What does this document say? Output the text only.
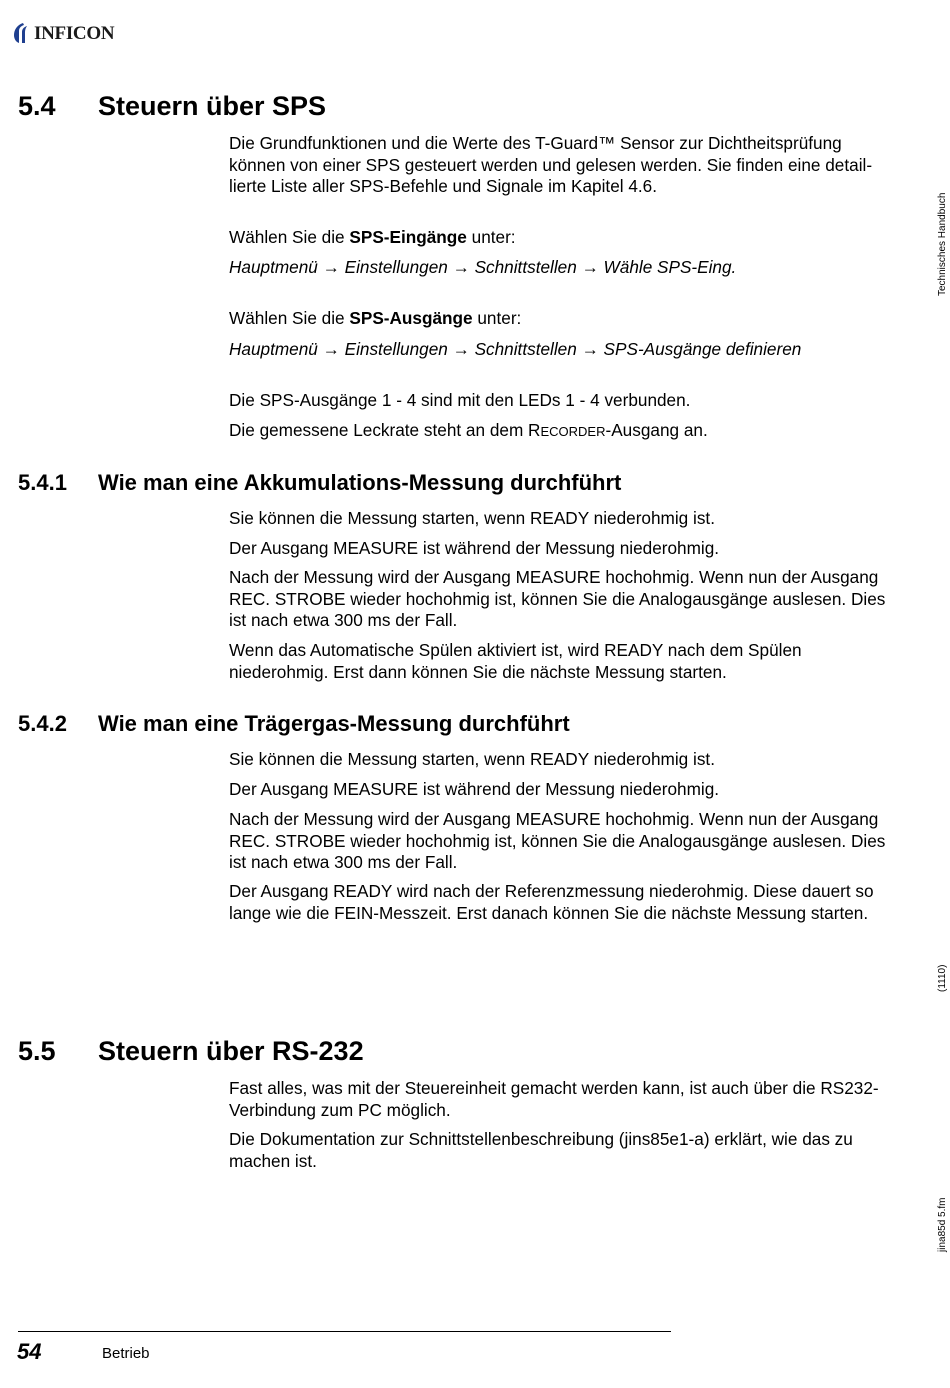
INFICON
Technisches Handbuch
(1110)
jina85d 5.fm
5.4 Steuern über SPS

Die Grundfunktionen und die Werte des T-Guard™ Sensor zur Dichtheitsprüfung können von einer SPS gesteuert werden und gelesen werden. Sie finden eine detail-lierte Liste aller SPS-Befehle und Signale im Kapitel 4.6.

Wählen Sie die SPS-Eingänge unter:

Hauptmenü → Einstellungen → Schnittstellen → Wähle SPS-Eing.

Wählen Sie die SPS-Ausgänge unter:

Hauptmenü → Einstellungen → Schnittstellen → SPS-Ausgänge definieren

Die SPS-Ausgänge 1 - 4 sind mit den LEDs 1 - 4 verbunden.

Die gemessene Leckrate steht an dem RECORDER-Ausgang an.

5.4.1 Wie man eine Akkumulations-Messung durchführt

Sie können die Messung starten, wenn READY niederohmig ist.

Der Ausgang MEASURE ist während der Messung niederohmig.

Nach der Messung wird der Ausgang MEASURE hochohmig. Wenn nun der Ausgang REC. STROBE wieder hochohmig ist, können Sie die Analogausgänge auslesen. Dies ist nach etwa 300 ms der Fall.

Wenn das Automatische Spülen aktiviert ist, wird READY nach dem Spülen niederohmig. Erst dann können Sie die nächste Messung starten.

5.4.2 Wie man eine Trägergas-Messung durchführt

Sie können die Messung starten, wenn READY niederohmig ist.

Der Ausgang MEASURE ist während der Messung niederohmig.

Nach der Messung wird der Ausgang MEASURE hochohmig. Wenn nun der Ausgang REC. STROBE wieder hochohmig ist, können Sie die Analogausgänge auslesen. Dies ist nach etwa 300 ms der Fall.

Der Ausgang READY wird nach der Referenzmessung niederohmig. Diese dauert so lange wie die FEIN-Messzeit. Erst danach können Sie die nächste Messung starten.

5.5 Steuern über RS-232

Fast alles, was mit der Steuereinheit gemacht werden kann, ist auch über die RS232-Verbindung zum PC möglich.

Die Dokumentation zur Schnittstellenbeschreibung (jins85e1-a) erklärt, wie das zu machen ist.

54	Betrieb
